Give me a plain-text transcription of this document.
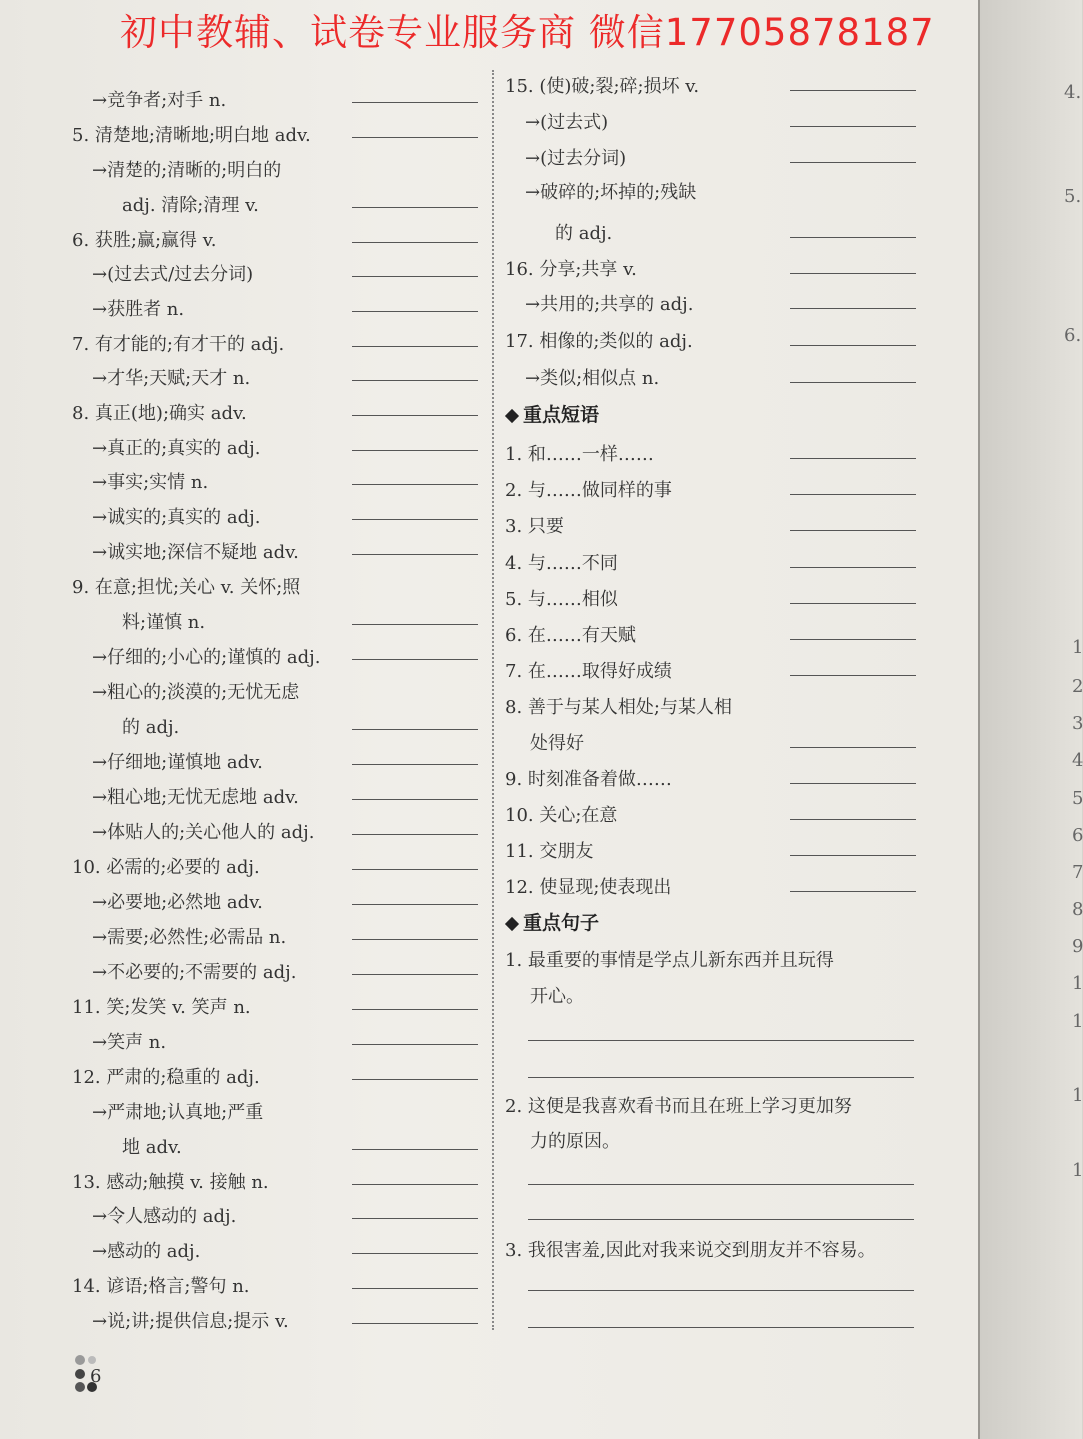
→竞争者;对手 n.
5. 清楚地;清晰地;明白地 adv.
→清楚的;清晰的;明白的
adj. 清除;清理 v.
6. 获胜;赢;赢得 v.
→(过去式/过去分词)
→获胜者 n.
7. 有才能的;有才干的 adj.
→才华;天赋;天才 n.
8. 真正(地);确实 adv.
→真正的;真实的 adj.
→事实;实情 n.
→诚实的;真实的 adj.
→诚实地;深信不疑地 adv.
9. 在意;担忧;关心 v. 关怀;照
料;谨慎 n.
→仔细的;小心的;谨慎的 adj.
→粗心的;淡漠的;无忧无虑
的 adj.
→仔细地;谨慎地 adv.
→粗心地;无忧无虑地 adv.
→体贴人的;关心他人的 adj.
10. 必需的;必要的 adj.
→必要地;必然地 adv.
→需要;必然性;必需品 n.
→不必要的;不需要的 adj.
11. 笑;发笑 v. 笑声 n.
→笑声 n.
12. 严肃的;稳重的 adj.
→严肃地;认真地;严重
地 adv.
13. 感动;触摸 v. 接触 n.
→令人感动的 adj.
→感动的 adj.
14. 谚语;格言;警句 n.
→说;讲;提供信息;提示 v.
15. (使)破;裂;碎;损坏 v.
→(过去式)
→(过去分词)
→破碎的;坏掉的;残缺
的 adj.
16. 分享;共享 v.
→共用的;共享的 adj.
17. 相像的;类似的 adj.
→类似;相似点 n.
重点短语
1. 和……一样……
2. 与……做同样的事
3. 只要
4. 与……不同
5. 与……相似
6. 在……有天赋
7. 在……取得好成绩
8. 善于与某人相处;与某人相
处得好
9. 时刻准备着做……
10. 关心;在意
11. 交朋友
12. 使显现;使表现出
重点句子
1. 最重要的事情是学点儿新东西并且玩得
开心。
2. 这便是我喜欢看书而且在班上学习更加努
力的原因。
3. 我很害羞,因此对我来说交到朋友并不容易。
6
4.
5.
6.
1
2
3
4
5
6
7
8
9
1
1
1
1
初中教辅、试卷专业服务商 微信17705878187
